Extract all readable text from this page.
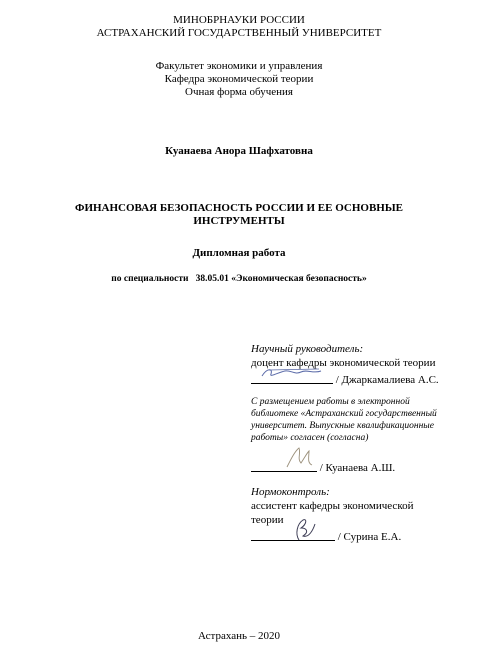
МИНОБРНАУКИ РОССИИ
АСТРАХАНСКИЙ ГОСУДАРСТВЕННЫЙ УНИВЕРСИТЕТ
Факультет экономики и управления
Кафедра экономической теории
Очная форма обучения
Куанаева Анора Шафхатовна
ФИНАНСОВАЯ БЕЗОПАСНОСТЬ РОССИИ И ЕЕ ОСНОВНЫЕ
ИНСТРУМЕНТЫ
Дипломная работа
по специальности   38.05.01 «Экономическая безопасность»
Научный руководитель:
доцент кафедры экономической теории
/ Джаркамалиева А.С.
С размещением работы в электронной
библиотеке «Астраханский государственный
университет. Выпускные квалификационные
работы» согласен (согласна)
/ Куанаева А.Ш.
Нормоконтроль:
ассистент кафедры экономической
теории
/ Сурина Е.А.
Астрахань – 2020
